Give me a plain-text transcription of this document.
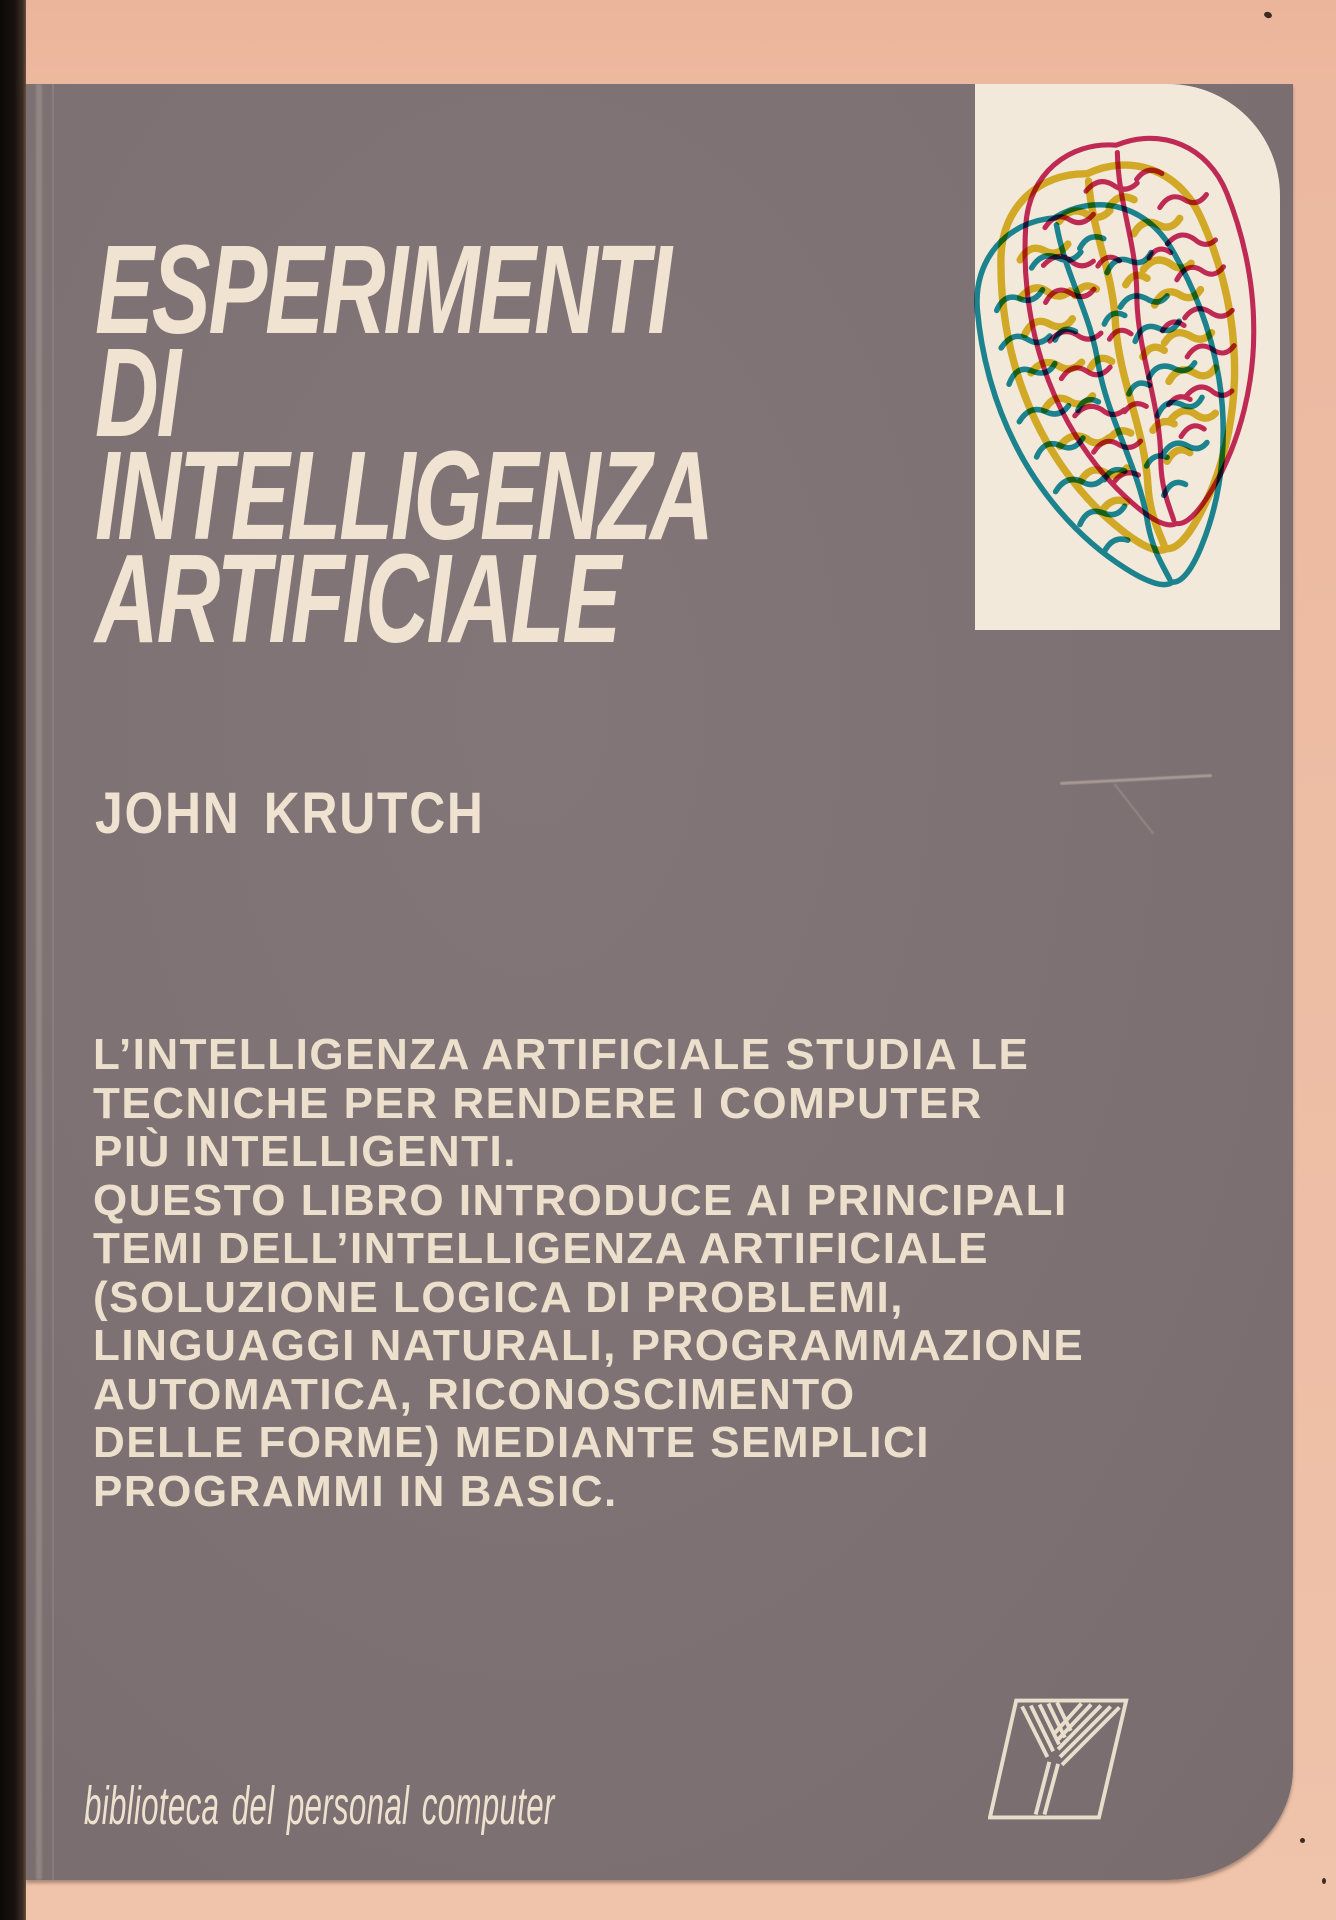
ESPERIMENTI
DI
INTELLIGENZA
ARTIFICIALE
JOHN KRUTCH
L’INTELLIGENZA ARTIFICIALE STUDIA LE
TECNICHE PER RENDERE I COMPUTER
PIÙ INTELLIGENTI.
QUESTO LIBRO INTRODUCE AI PRINCIPALI
TEMI DELL’INTELLIGENZA ARTIFICIALE
(SOLUZIONE LOGICA DI PROBLEMI,
LINGUAGGI NATURALI, PROGRAMMAZIONE
AUTOMATICA, RICONOSCIMENTO
DELLE FORME) MEDIANTE SEMPLICI
PROGRAMMI IN BASIC.
biblioteca del personal computer
